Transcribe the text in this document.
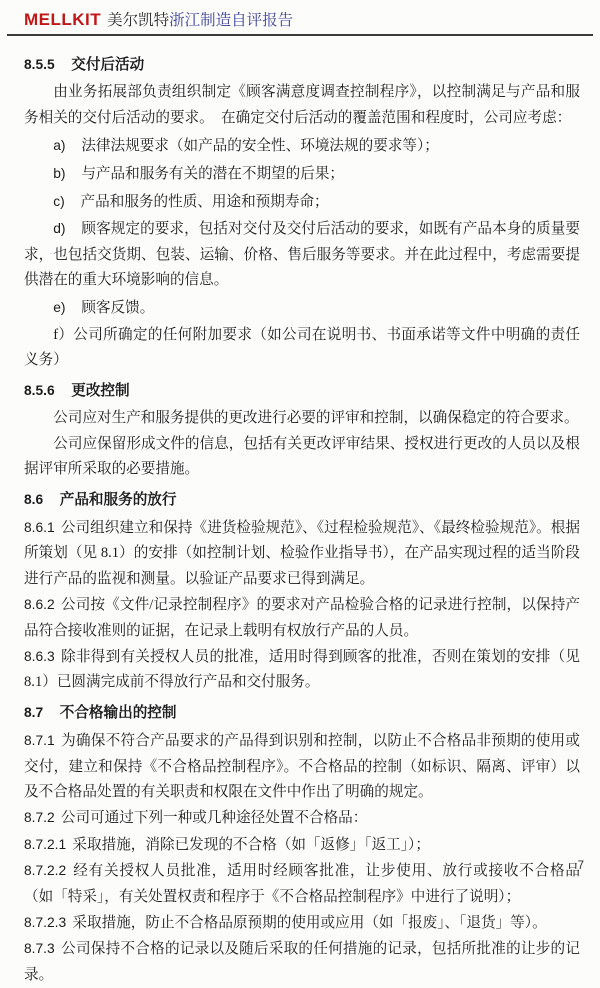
MELLKIT 美尔凯特浙江制造自评报告

8.5.5 交付后活动

由业务拓展部负责组织制定《顾客满意度调查控制程序》，以控制满足与产品和服务相关的交付后活动的要求。　在确定交付后活动的覆盖范围和程度时，公司应考虑：

a) 法律法规要求（如产品的安全性、环境法规的要求等）；

b) 与产品和服务有关的潜在不期望的后果；

c) 产品和服务的性质、用途和预期寿命；

d) 顾客规定的要求，包括对交付及交付后活动的要求，如既有产品本身的质量要求，也包括交货期、包装、运输、价格、售后服务等要求。并在此过程中，考虑需要提供潜在的重大环境影响的信息。

e) 顾客反馈。

f）公司所确定的任何附加要求（如公司在说明书、书面承诺等文件中明确的责任义务）

8.5.6 更改控制

公司应对生产和服务提供的更改进行必要的评审和控制，以确保稳定的符合要求。

公司应保留形成文件的信息，包括有关更改评审结果、授权进行更改的人员以及根据评审所采取的必要措施。

8.6 产品和服务的放行

8.6.1 公司组织建立和保持《进货检验规范》、《过程检验规范》、《最终检验规范》。根据所策划（见 8.1）的安排（如控制计划、检验作业指导书），在产品实现过程的适当阶段进行产品的监视和测量。以验证产品要求已得到满足。

8.6.2 公司按《文件/记录控制程序》的要求对产品检验合格的记录进行控制，以保持产品符合接收准则的证据，在记录上载明有权放行产品的人员。

8.6.3 除非得到有关授权人员的批准，适用时得到顾客的批准，否则在策划的安排（见 8.1）已圆满完成前不得放行产品和交付服务。

8.7 不合格输出的控制

8.7.1 为确保不符合产品要求的产品得到识别和控制，以防止不合格品非预期的使用或交付，建立和保持《不合格品控制程序》。不合格品的控制（如标识、隔离、评审）以及不合格品处置的有关职责和权限在文件中作出了明确的规定。

8.7.2 公司可通过下列一种或几种途径处置不合格品：

8.7.2.1 采取措施，消除已发现的不合格（如「返修」「返工」）；

8.7.2.2 经有关授权人员批准，适用时经顾客批准，让步使用、放行或接收不合格品（如「特采」，有关处置权责和程序于《不合格品控制程序》中进行了说明）；

8.7.2.3 采取措施，防止不合格品原预期的使用或应用（如「报废」、「退货」等）。

8.7.3 公司保持不合格的记录以及随后采取的任何措施的记录，包括所批准的让步的记录。

7
